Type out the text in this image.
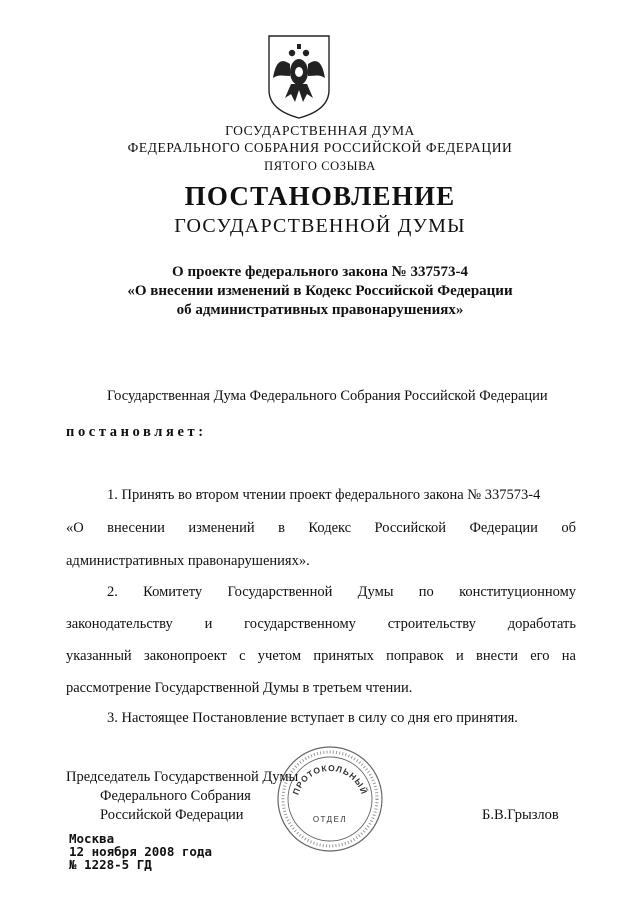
ГОСУДАРСТВЕННАЯ ДУМА
ФЕДЕРАЛЬНОГО СОБРАНИЯ РОССИЙСКОЙ ФЕДЕРАЦИИ
ПЯТОГО СОЗЫВА
ПОСТАНОВЛЕНИЕ
ГОСУДАРСТВЕННОЙ ДУМЫ
О проекте федерального закона № 337573-4
«О внесении изменений в Кодекс Российской Федерации
об административных правонарушениях»
Государственная Дума Федерального Собрания Российской Федерации
постановляет:
1. Принять во втором чтении проект федерального закона № 337573-4
«О внесении изменений в Кодекс Российской Федерации об
административных правонарушениях».
2. Комитету Государственной Думы по конституционному
законодательству и государственному строительству доработать
указанный законопроект с учетом принятых поправок и внести его на
рассмотрение Государственной Думы в третьем чтении.
3. Настоящее Постановление вступает в силу со дня его принятия.
Председатель Государственной Думы
Федерального Собрания
Российской Федерации	Б.В.Грызлов
ПРОТОКОЛЬНЫЙ
ОТДЕЛ
Москва
12 ноября 2008 года
№ 1228-5 ГД
